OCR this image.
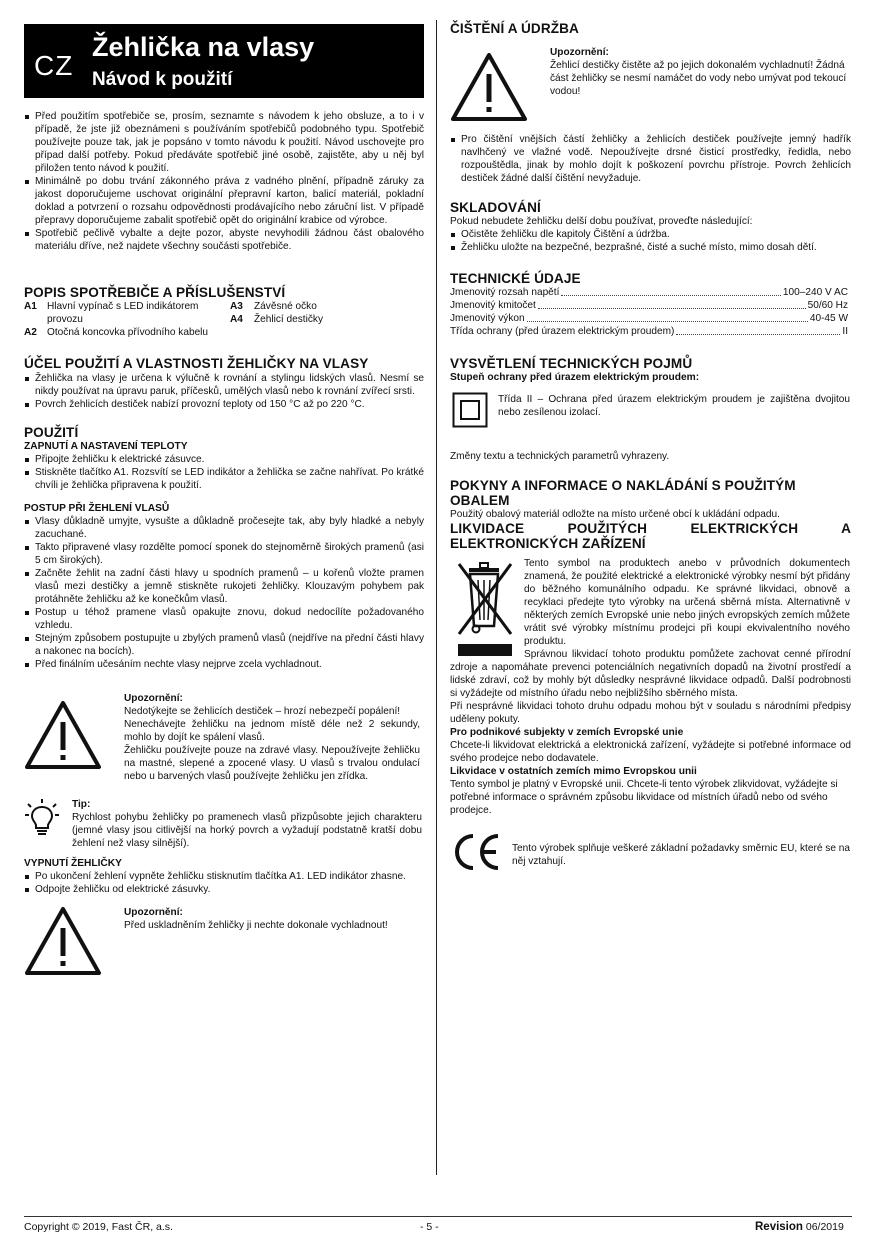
CZ
Žehlička na vlasy
Návod k použití
Před použitím spotřebiče se, prosím, seznamte s návodem k jeho obsluze, a to i v případě, že jste již obeznámeni s používáním spotřebičů podobného typu. Spotřebič používejte pouze tak, jak je popsáno v tomto návodu k použití. Návod uschovejte pro případ další potřeby. Pokud předáváte spotřebič jiné osobě, zajistěte, aby u něj byl přiložen tento návod k použití.
Minimálně po dobu trvání zákonného práva z vadného plnění, případně záruky za jakost doporučujeme uschovat originální přepravní karton, balicí materiál, pokladní doklad a potvrzení o rozsahu odpovědnosti prodávajícího nebo záruční list. V případě přepravy doporučujeme zabalit spotřebič opět do originální krabice od výrobce.
Spotřebič pečlivě vybalte a dejte pozor, abyste nevyhodili žádnou část obalového materiálu dříve, než najdete všechny součásti spotřebiče.
POPIS SPOTŘEBIČE A PŘÍSLUŠENSTVÍ
A1 Hlavní vypínač s LED indikátorem provozu
A2 Otočná koncovka přívodního kabelu
A3 Závěsné očko
A4 Žehlicí destičky
ÚČEL POUŽITÍ A VLASTNOSTI ŽEHLIČKY NA VLASY
Žehlička na vlasy je určena k výlučně k rovnání a stylingu lidských vlasů. Nesmí se nikdy používat na úpravu paruk, příčesků, umělých vlasů nebo k rovnání zvířecí srsti.
Povrch žehlicích destiček nabízí provozní teploty od 150 °C až po 220 °C.
POUŽITÍ
ZAPNUTÍ A NASTAVENÍ TEPLOTY
Připojte žehličku k elektrické zásuvce.
Stiskněte tlačítko A1. Rozsvítí se LED indikátor a žehlička se začne nahřívat. Po krátké chvíli je žehlička připravena k použití.
POSTUP PŘI ŽEHLENÍ VLASŮ
Vlasy důkladně umyjte, vysušte a důkladně pročesejte tak, aby byly hladké a nebyly zacuchané.
Takto připravené vlasy rozdělte pomocí sponek do stejnoměrně širokých pramenů (asi 5 cm širokých).
Začněte žehlit na zadní části hlavy u spodních pramenů – u kořenů vložte pramen vlasů mezi destičky a jemně stiskněte rukojeti žehličky. Klouzavým pohybem pak protáhněte žehličku až ke konečkům vlasů.
Postup u téhož pramene vlasů opakujte znovu, dokud nedocílíte požadovaného vzhledu.
Stejným způsobem postupujte u zbylých pramenů vlasů (nejdříve na přední části hlavy a nakonec na bocích).
Před finálním učesáním nechte vlasy nejprve zcela vychladnout.
Upozornění:
Nedotýkejte se žehlicích destiček – hrozí nebezpečí popálení!
Nenechávejte žehličku na jednom místě déle než 2 sekundy, mohlo by dojít ke spálení vlasů.
Žehličku používejte pouze na zdravé vlasy. Nepoužívejte žehličku na mastné, slepené a zpocené vlasy. U vlasů s trvalou ondulací nebo u barvených vlasů používejte žehličku jen zřídka.
Tip:
Rychlost pohybu žehličky po pramenech vlasů přizpůsobte jejich charakteru (jemné vlasy jsou citlivější na horký povrch a vyžadují podstatně kratší dobu žehlení než vlasy silnější).
VYPNUTÍ ŽEHLIČKY
Po ukončení žehlení vypněte žehličku stisknutím tlačítka A1. LED indikátor zhasne.
Odpojte žehličku od elektrické zásuvky.
Upozornění:
Před uskladněním žehličky ji nechte dokonale vychladnout!
ČIŠTĚNÍ A ÚDRŽBA
Upozornění:
Žehlicí destičky čistěte až po jejich dokonalém vychladnutí! Žádná část žehličky se nesmí namáčet do vody nebo umývat pod tekoucí vodou!
Pro čištění vnějších částí žehličky a žehlicích destiček používejte jemný hadřík navlhčený ve vlažné vodě. Nepoužívejte drsné čisticí prostředky, ředidla, nebo rozpouštědla, jinak by mohlo dojít k poškození povrchu přístroje. Povrch žehlicích destiček žádné další čištění nevyžaduje.
SKLADOVÁNÍ
Pokud nebudete žehličku delší dobu používat, proveďte následující:
Očistěte žehličku dle kapitoly Čištění a údržba.
Žehličku uložte na bezpečné, bezprašné, čisté a suché místo, mimo dosah dětí.
TECHNICKÉ ÚDAJE
Jmenovitý rozsah napětí	100–240 V AC
Jmenovitý kmitočet	50/60 Hz
Jmenovitý výkon	40-45 W
Třída ochrany (před úrazem elektrickým proudem)	II
VYSVĚTLENÍ TECHNICKÝCH POJMŮ
Stupeň ochrany před úrazem elektrickým proudem:
Třída II – Ochrana před úrazem elektrickým proudem je zajištěna dvojitou nebo zesílenou izolací.
Změny textu a technických parametrů vyhrazeny.
POKYNY A INFORMACE O NAKLÁDÁNÍ S POUŽITÝM OBALEM
Použitý obalový materiál odložte na místo určené obcí k ukládání odpadu.
LIKVIDACE POUŽITÝCH ELEKTRICKÝCH A ELEKTRONICKÝCH ZAŘÍZENÍ
Tento symbol na produktech anebo v průvodních dokumentech znamená, že použité elektrické a elektronické výrobky nesmí být přidány do běžného komunálního odpadu. Ke správné likvidaci, obnově a recyklaci předejte tyto výrobky na určená sběrná místa. Alternativně v některých zemích Evropské unie nebo jiných evropských zemích můžete vrátit své výrobky místnímu prodejci při koupi ekvivalentního nového produktu.
Správnou likvidací tohoto produktu pomůžete zachovat cenné přírodní zdroje a napomáhate prevenci potenciálních negativních dopadů na životní prostředí a lidské zdraví, což by mohly být důsledky nesprávné likvidace odpadů. Další podrobnosti si vyžádejte od místního úřadu nebo nejbližšího sběrného místa.
Při nesprávné likvidaci tohoto druhu odpadu mohou být v souladu s národními předpisy uděleny pokuty.
Pro podnikové subjekty v zemích Evropské unie
Chcete-li likvidovat elektrická a elektronická zařízení, vyžádejte si potřebné informace od svého prodejce nebo dodavatele.
Likvidace v ostatních zemích mimo Evropskou unii
Tento symbol je platný v Evropské unii. Chcete-li tento výrobek zlikvidovat, vyžádejte si potřebné informace o správném způsobu likvidace od místních úřadů nebo od svého prodejce.
Tento výrobek splňuje veškeré základní požadavky směrnic EU, které se na něj vztahují.
Copyright © 2019, Fast ČR, a.s.	- 5 -	Revision 06/2019
